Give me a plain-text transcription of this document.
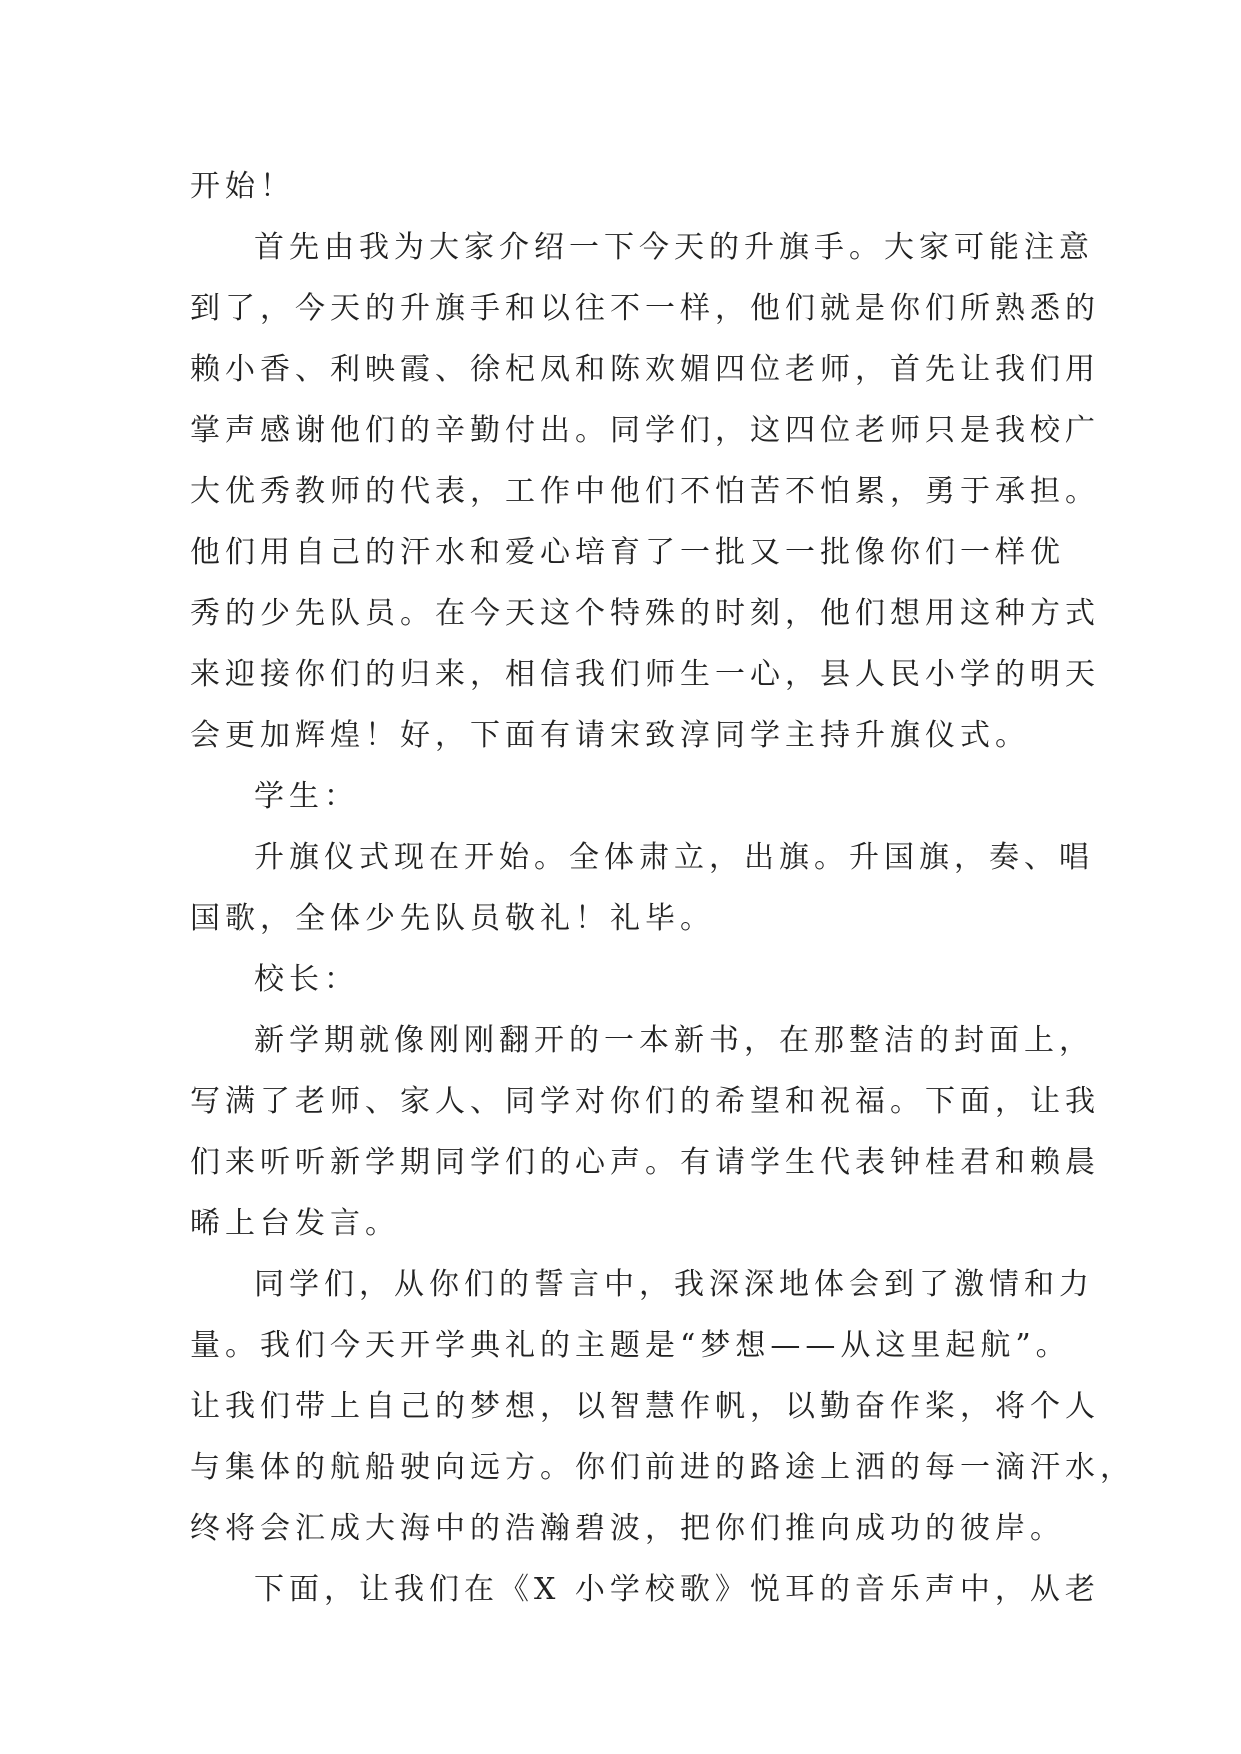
开始！
首先由我为大家介绍一下今天的升旗手。大家可能注意
到了，今天的升旗手和以往不一样，他们就是你们所熟悉的
赖小香、利映霞、徐杞凤和陈欢媚四位老师，首先让我们用
掌声感谢他们的辛勤付出。同学们，这四位老师只是我校广
大优秀教师的代表，工作中他们不怕苦不怕累，勇于承担。
他们用自己的汗水和爱心培育了一批又一批像你们一样优
秀的少先队员。在今天这个特殊的时刻，他们想用这种方式
来迎接你们的归来，相信我们师生一心，县人民小学的明天
会更加辉煌！好，下面有请宋致淳同学主持升旗仪式。
学生：
升旗仪式现在开始。全体肃立，出旗。升国旗，奏、唱
国歌，全体少先队员敬礼！礼毕。
校长：
新学期就像刚刚翻开的一本新书，在那整洁的封面上，
写满了老师、家人、同学对你们的希望和祝福。下面，让我
们来听听新学期同学们的心声。有请学生代表钟桂君和赖晨
晞上台发言。
同学们，从你们的誓言中，我深深地体会到了激情和力
量。我们今天开学典礼的主题是“梦想——从这里起航”。
让我们带上自己的梦想，以智慧作帆，以勤奋作桨，将个人
与集体的航船驶向远方。你们前进的路途上洒的每一滴汗水，
终将会汇成大海中的浩瀚碧波，把你们推向成功的彼岸。
下面，让我们在《X 小学校歌》悦耳的音乐声中，从老
